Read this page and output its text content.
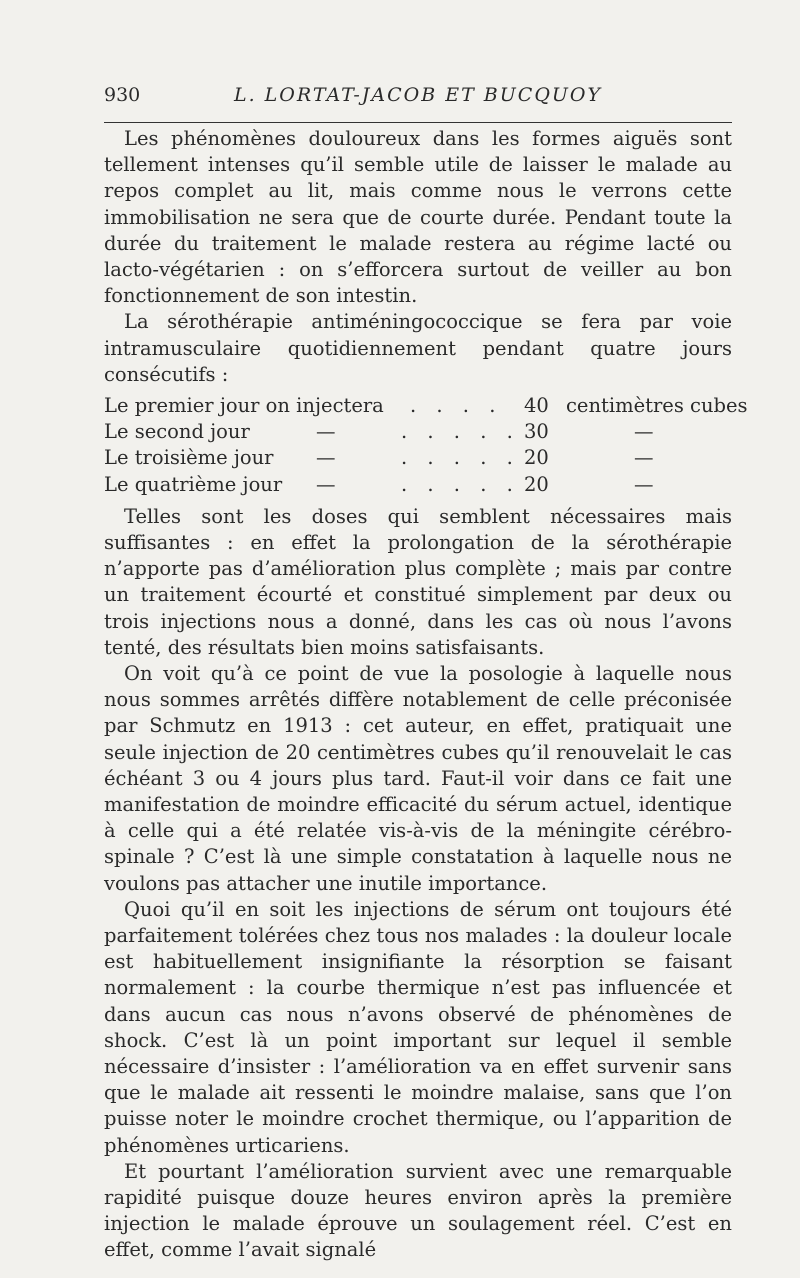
930	L. LORTAT-JACOB ET BUCQUOY

Les phénomènes douloureux dans les formes aiguës sont tellement intenses qu’il semble utile de laisser le malade au repos complet au lit, mais comme nous le verrons cette immobilisation ne sera que de courte durée. Pendant toute la durée du traitement le malade restera au régime lacté ou lacto-végétarien : on s’efforcera surtout de veiller au bon fonctionnement de son intestin.

La sérothérapie antiméningococcique se fera par voie intramusculaire quotidiennement pendant quatre jours consécutifs :

Le premier jour on injectera . . . . 40 centimètres cubes
Le second jour	—	. . . . . 30	—
Le troisième jour —	. . . . . 20	—
Le quatrième jour —	. . . . . 20	—

Telles sont les doses qui semblent nécessaires mais suffisantes : en effet la prolongation de la sérothérapie n’apporte pas d’amélioration plus complète ; mais par contre un traitement écourté et constitué simplement par deux ou trois injections nous a donné, dans les cas où nous l’avons tenté, des résultats bien moins satisfaisants.

On voit qu’à ce point de vue la posologie à laquelle nous nous sommes arrêtés diffère notablement de celle préconisée par Schmutz en 1913 : cet auteur, en effet, pratiquait une seule injection de 20 centimètres cubes qu’il renouvelait le cas échéant 3 ou 4 jours plus tard. Faut-il voir dans ce fait une manifestation de moindre efficacité du sérum actuel, identique à celle qui a été relatée vis-à-vis de la méningite cérébro-spinale ? C’est là une simple constatation à laquelle nous ne voulons pas attacher une inutile importance.

Quoi qu’il en soit les injections de sérum ont toujours été parfaitement tolérées chez tous nos malades : la douleur locale est habituellement insignifiante la résorption se faisant normalement : la courbe thermique n’est pas influencée et dans aucun cas nous n’avons observé de phénomènes de shock. C’est là un point important sur lequel il semble nécessaire d’insister : l’amélioration va en effet survenir sans que le malade ait ressenti le moindre malaise, sans que l’on puisse noter le moindre crochet thermique, ou l’apparition de phénomènes urticariens.

Et pourtant l’amélioration survient avec une remarquable rapidité puisque douze heures environ après la première injection le malade éprouve un soulagement réel. C’est en effet, comme l’avait signalé
